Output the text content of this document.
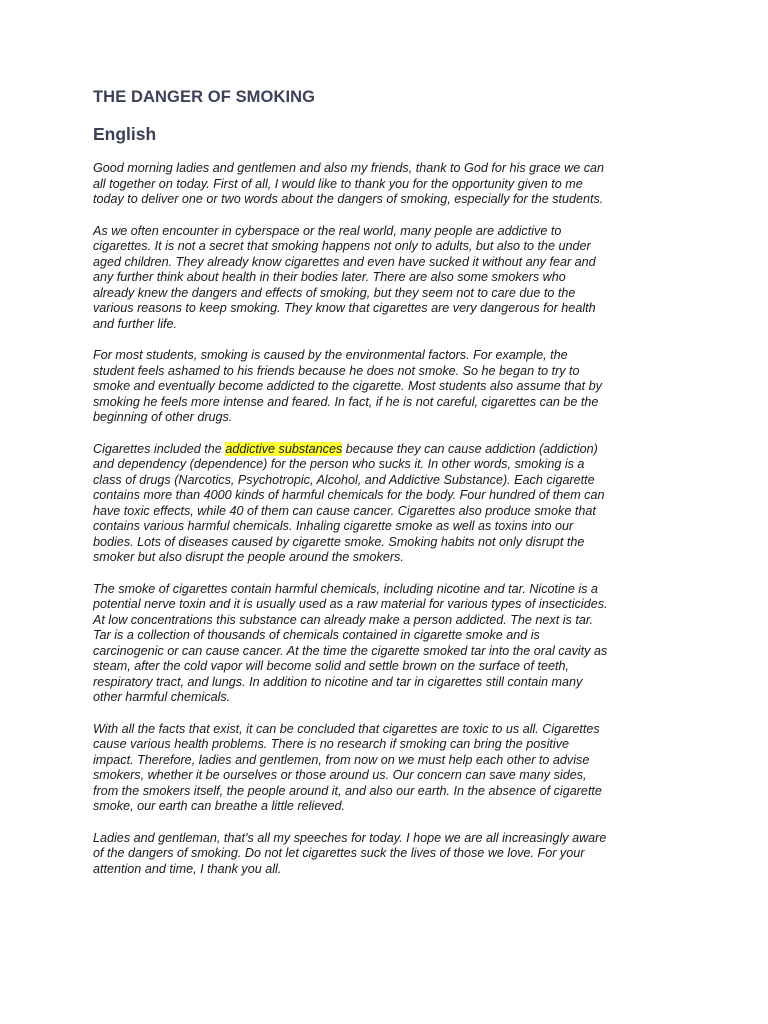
THE DANGER OF SMOKING
English

Good morning ladies and gentlemen and also my friends, thank to God for his grace we can
all together on today. First of all, I would like to thank you for the opportunity given to me
today to deliver one or two words about the dangers of smoking, especially for the students.

As we often encounter in cyberspace or the real world, many people are addictive to
cigarettes. It is not a secret that smoking happens not only to adults, but also to the under
aged children. They already know cigarettes and even have sucked it without any fear and
any further think about health in their bodies later. There are also some smokers who
already knew the dangers and effects of smoking, but they seem not to care due to the
various reasons to keep smoking. They know that cigarettes are very dangerous for health
and further life.

For most students, smoking is caused by the environmental factors. For example, the
student feels ashamed to his friends because he does not smoke. So he began to try to
smoke and eventually become addicted to the cigarette. Most students also assume that by
smoking he feels more intense and feared. In fact, if he is not careful, cigarettes can be the
beginning of other drugs.

Cigarettes included the addictive substances because they can cause addiction (addiction)
and dependency (dependence) for the person who sucks it. In other words, smoking is a
class of drugs (Narcotics, Psychotropic, Alcohol, and Addictive Substance). Each cigarette
contains more than 4000 kinds of harmful chemicals for the body. Four hundred of them can
have toxic effects, while 40 of them can cause cancer. Cigarettes also produce smoke that
contains various harmful chemicals. Inhaling cigarette smoke as well as toxins into our
bodies. Lots of diseases caused by cigarette smoke. Smoking habits not only disrupt the
smoker but also disrupt the people around the smokers.

The smoke of cigarettes contain harmful chemicals, including nicotine and tar. Nicotine is a
potential nerve toxin and it is usually used as a raw material for various types of insecticides.
At low concentrations this substance can already make a person addicted. The next is tar.
Tar is a collection of thousands of chemicals contained in cigarette smoke and is
carcinogenic or can cause cancer. At the time the cigarette smoked tar into the oral cavity as
steam, after the cold vapor will become solid and settle brown on the surface of teeth,
respiratory tract, and lungs. In addition to nicotine and tar in cigarettes still contain many
other harmful chemicals.

With all the facts that exist, it can be concluded that cigarettes are toxic to us all. Cigarettes
cause various health problems. There is no research if smoking can bring the positive
impact. Therefore, ladies and gentlemen, from now on we must help each other to advise
smokers, whether it be ourselves or those around us. Our concern can save many sides,
from the smokers itself, the people around it, and also our earth. In the absence of cigarette
smoke, our earth can breathe a little relieved.

Ladies and gentleman, that’s all my speeches for today. I hope we are all increasingly aware
of the dangers of smoking. Do not let cigarettes suck the lives of those we love. For your
attention and time, I thank you all.
